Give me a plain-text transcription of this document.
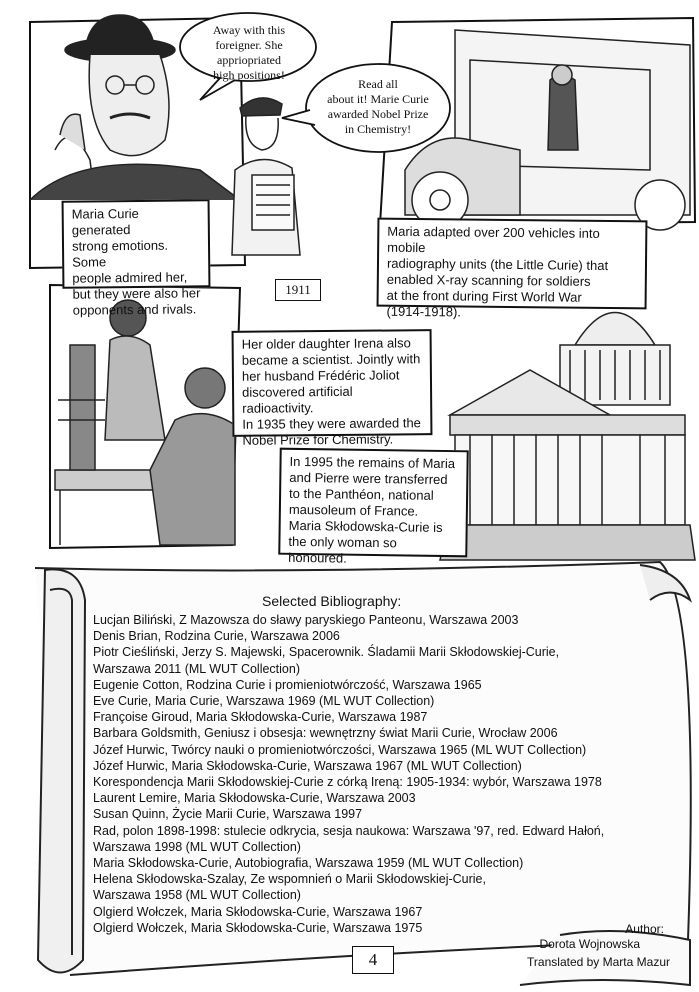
Away with this
foreigner. She appriopriated
high positions!
Read all
about it! Marie Curie
awarded Nobel Prize
in Chemistry!
Maria Curie generated
strong emotions. Some
people admired her,
but they were also her
opponents and rivals.
1911
Maria adapted over 200 vehicles into mobile
radiography units (the Little Curie) that
enabled X-ray scanning for soldiers
at the front during First World War
(1914-1918).
Her older daughter Irena also
became a scientist. Jointly with
her husband Frédéric Joliot
discovered artificial radioactivity.
In 1935 they were awarded the
Nobel Prize for Chemistry.
In 1995 the remains of Maria
and Pierre were transferred
to the Panthéon, national
mausoleum of France.
Maria Skłodowska-Curie is
the only woman so honoured.
Selected Bibliography:
Lucjan Biliński, Z Mazowsza do sławy paryskiego Panteonu, Warszawa 2003
Denis Brian, Rodzina Curie, Warszawa 2006
Piotr Cieśliński, Jerzy S. Majewski, Spacerownik. Śladamii Marii Skłodowskiej-Curie,
Warszawa 2011 (ML WUT Collection)
Eugenie Cotton, Rodzina Curie i promieniotwórczość, Warszawa 1965
Eve Curie, Maria Curie, Warszawa 1969 (ML WUT Collection)
Françoise Giroud, Maria Skłodowska-Curie, Warszawa 1987
Barbara Goldsmith, Geniusz i obsesja: wewnętrzny świat Marii Curie, Wrocław 2006
Józef Hurwic, Twórcy nauki o promieniotwórczości, Warszawa 1965 (ML WUT Collection)
Józef Hurwic, Maria Skłodowska-Curie, Warszawa 1967 (ML WUT Collection)
Korespondencja Marii Skłodowskiej-Curie z córką Ireną: 1905-1934: wybór, Warszawa 1978
Laurent Lemire, Maria Skłodowska-Curie, Warszawa 2003
Susan Quinn, Życie Marii Curie, Warszawa 1997
Rad, polon 1898-1998: stulecie odkrycia, sesja naukowa: Warszawa '97, red. Edward Hałoń,
Warszawa 1998 (ML WUT Collection)
Maria Skłodowska-Curie, Autobiografia, Warszawa 1959 (ML WUT Collection)
Helena Skłodowska-Szalay, Ze wspomnień o Marii Skłodowskiej-Curie,
Warszawa 1958 (ML WUT Collection)
Olgierd Wołczek, Maria Skłodowska-Curie, Warszawa 1967
Olgierd Wołczek, Maria Skłodowska-Curie, Warszawa 1975
4
Author:
Dorota Wojnowska
Translated by Marta Mazur
